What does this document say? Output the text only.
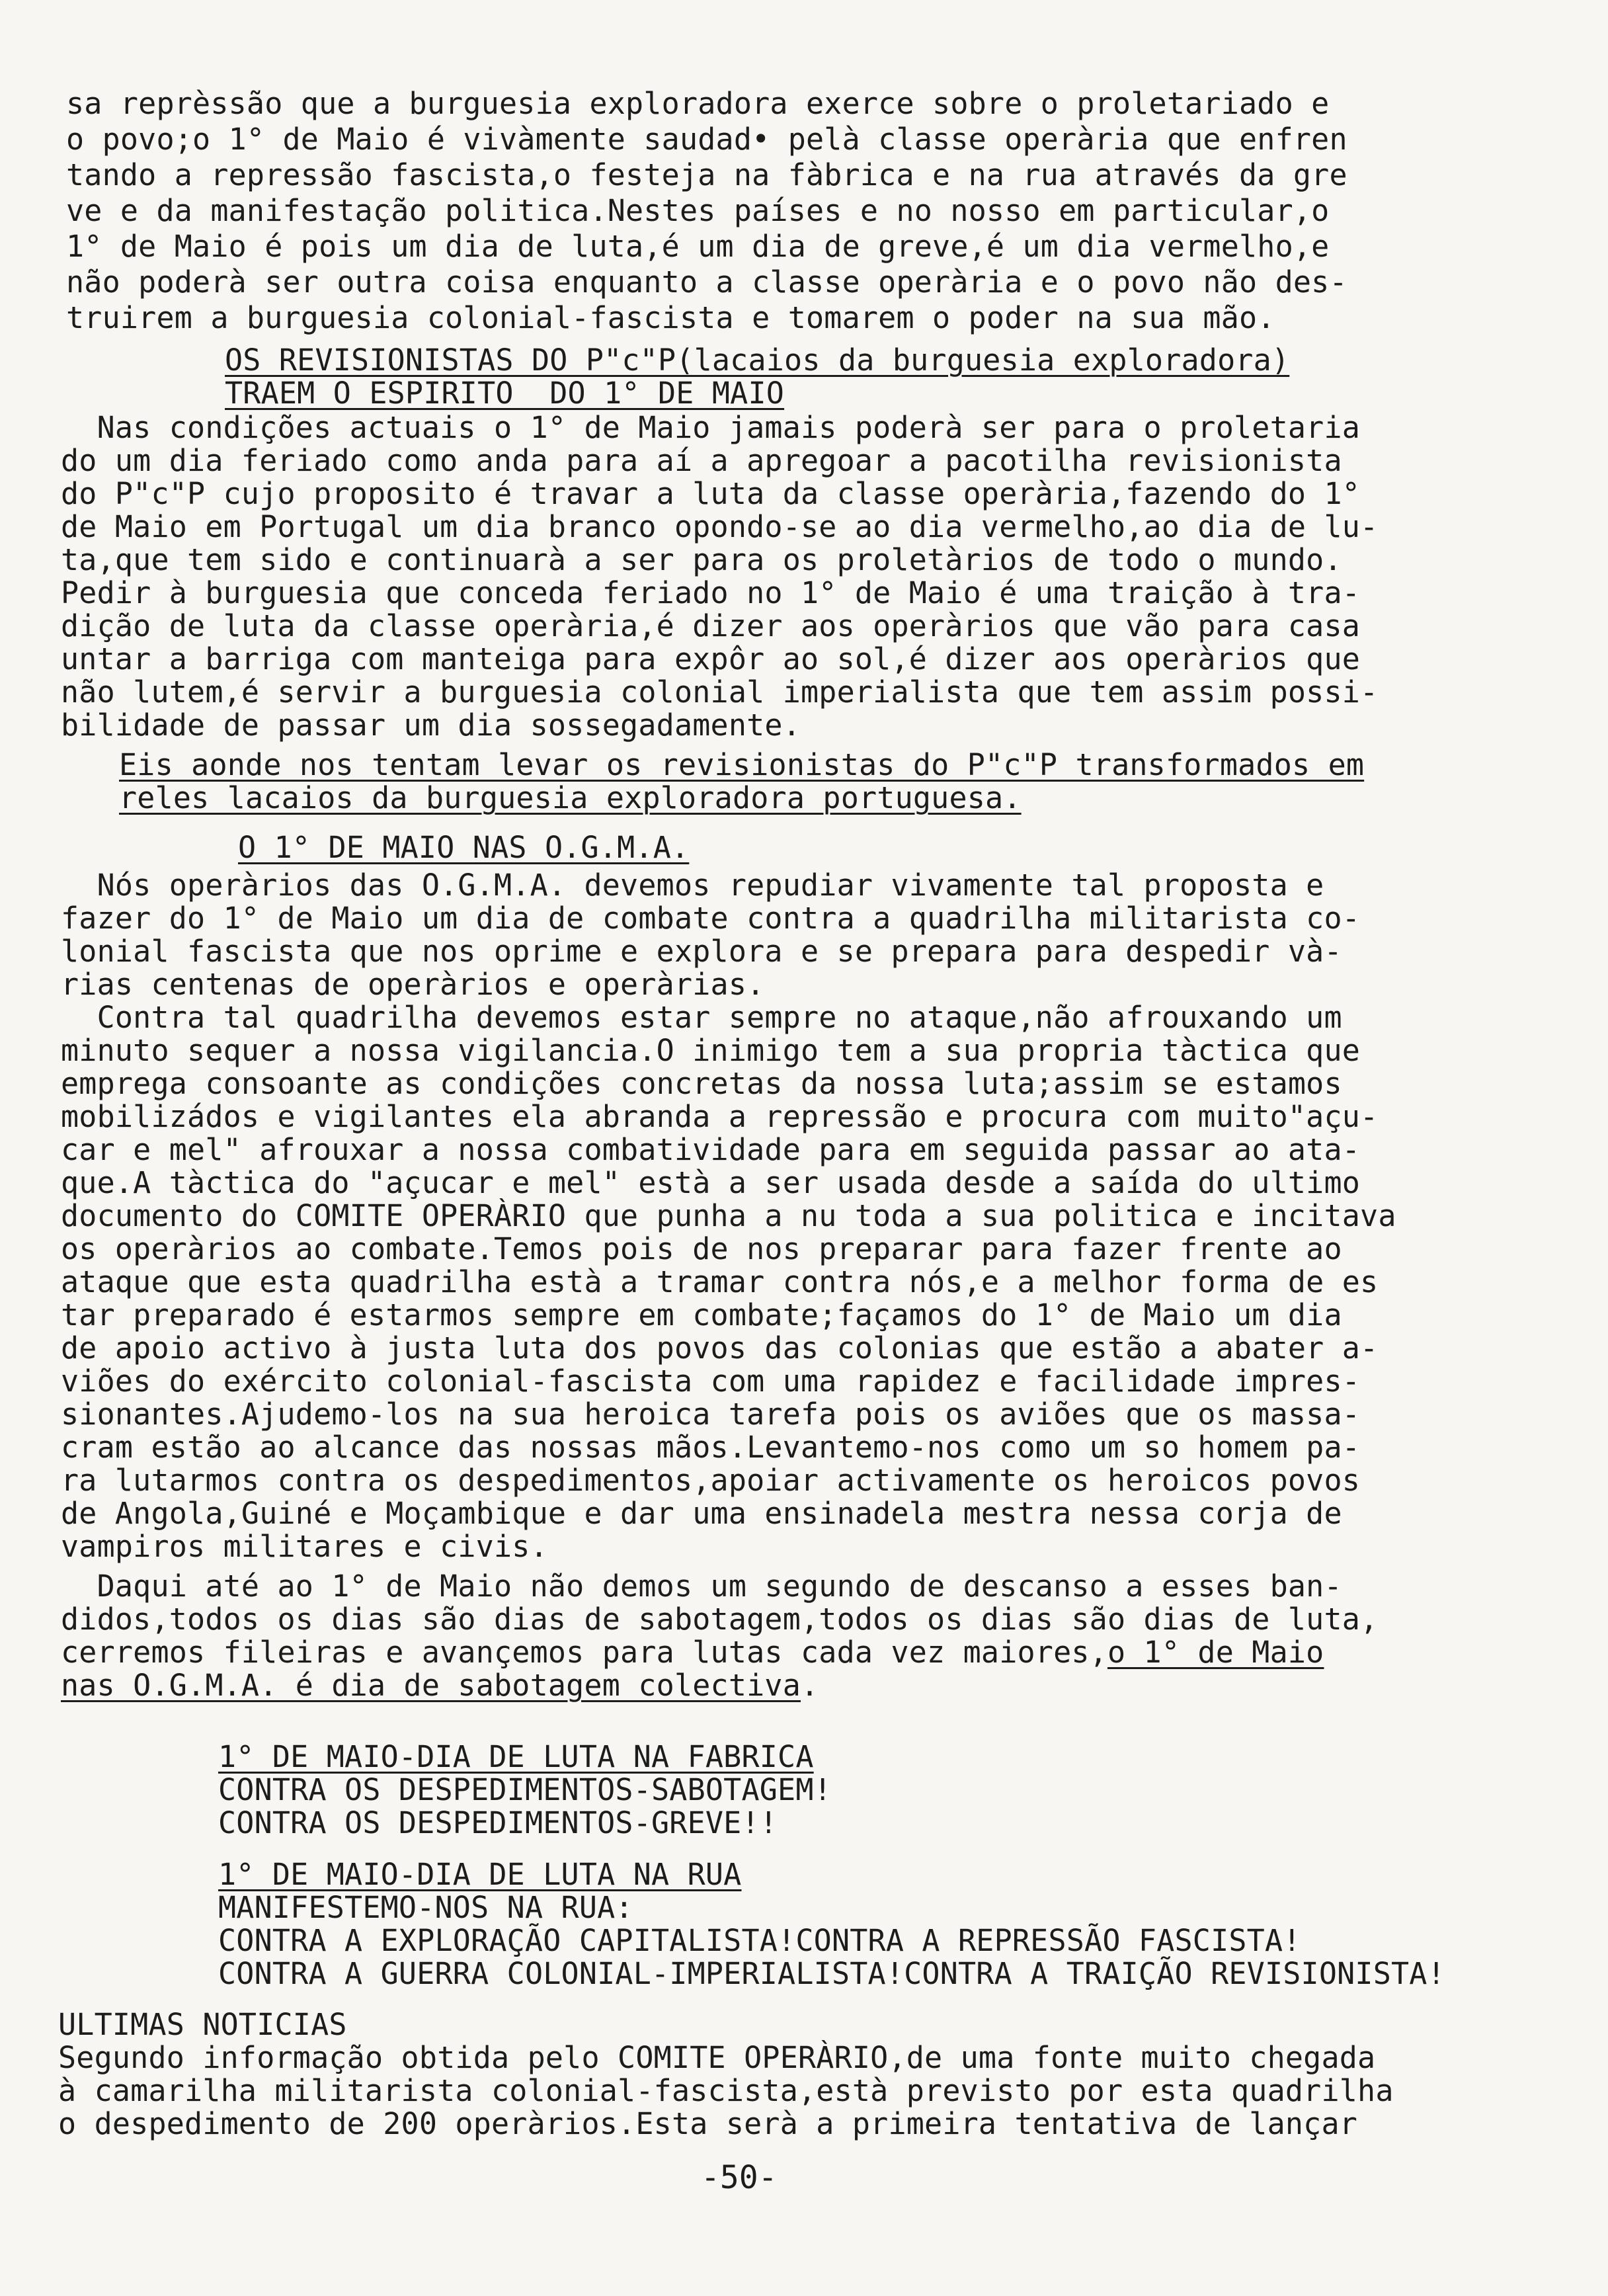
sa reprèssão que a burguesia exploradora exerce sobre o proletariado e
o povo;o 1° de Maio é vivàmente saudad• pelà classe operària que enfren
tando a repressão fascista,o festeja na fàbrica e na rua através da gre
ve e da manifestação politica.Nestes países e no nosso em particular,o
1° de Maio é pois um dia de luta,é um dia de greve,é um dia vermelho,e
não poderà ser outra coisa enquanto a classe operària e o povo não des-
truirem a burguesia colonial-fascista e tomarem o poder na sua mão.
OS REVISIONISTAS DO P"c"P(lacaios da burguesia exploradora)
TRAEM O ESPIRITO  DO 1° DE MAIO
Nas condições actuais o 1° de Maio jamais poderà ser para o proletaria
do um dia feriado como anda para aí a apregoar a pacotilha revisionista
do P"c"P cujo proposito é travar a luta da classe operària,fazendo do 1°
de Maio em Portugal um dia branco opondo-se ao dia vermelho,ao dia de lu-
ta,que tem sido e continuarà a ser para os proletàrios de todo o mundo.
Pedir à burguesia que conceda feriado no 1° de Maio é uma traição à tra-
dição de luta da classe operària,é dizer aos operàrios que vão para casa
untar a barriga com manteiga para expôr ao sol,é dizer aos operàrios que
não lutem,é servir a burguesia colonial imperialista que tem assim possi-
bilidade de passar um dia sossegadamente.
Eis aonde nos tentam levar os revisionistas do P"c"P transformados em
reles lacaios da burguesia exploradora portuguesa.
O 1° DE MAIO NAS O.G.M.A.
Nós operàrios das O.G.M.A. devemos repudiar vivamente tal proposta e
fazer do 1° de Maio um dia de combate contra a quadrilha militarista co-
lonial fascista que nos oprime e explora e se prepara para despedir và-
rias centenas de operàrios e operàrias.
Contra tal quadrilha devemos estar sempre no ataque,não afrouxando um
minuto sequer a nossa vigilancia.O inimigo tem a sua propria tàctica que
emprega consoante as condições concretas da nossa luta;assim se estamos
mobilizádos e vigilantes ela abranda a repressão e procura com muito"açu-
car e mel" afrouxar a nossa combatividade para em seguida passar ao ata-
que.A tàctica do "açucar e mel" està a ser usada desde a saída do ultimo
documento do COMITE OPERÀRIO que punha a nu toda a sua politica e incitava
os operàrios ao combate.Temos pois de nos preparar para fazer frente ao
ataque que esta quadrilha està a tramar contra nós,e a melhor forma de es
tar preparado é estarmos sempre em combate;façamos do 1° de Maio um dia
de apoio activo à justa luta dos povos das colonias que estão a abater a-
viões do exército colonial-fascista com uma rapidez e facilidade impres-
sionantes.Ajudemo-los na sua heroica tarefa pois os aviões que os massa-
cram estão ao alcance das nossas mãos.Levantemo-nos como um so homem pa-
ra lutarmos contra os despedimentos,apoiar activamente os heroicos povos
de Angola,Guiné e Moçambique e dar uma ensinadela mestra nessa corja de
vampiros militares e civis.
Daqui até ao 1° de Maio não demos um segundo de descanso a esses ban-
didos,todos os dias são dias de sabotagem,todos os dias são dias de luta,
cerremos fileiras e avançemos para lutas cada vez maiores,o 1° de Maio
nas O.G.M.A. é dia de sabotagem colectiva.
1° DE MAIO-DIA DE LUTA NA FABRICA
CONTRA OS DESPEDIMENTOS-SABOTAGEM!
CONTRA OS DESPEDIMENTOS-GREVE!!
1° DE MAIO-DIA DE LUTA NA RUA
MANIFESTEMO-NOS NA RUA:
CONTRA A EXPLORAÇÃO CAPITALISTA!CONTRA A REPRESSÃO FASCISTA!
CONTRA A GUERRA COLONIAL-IMPERIALISTA!CONTRA A TRAIÇÃO REVISIONISTA!
ULTIMAS NOTICIAS
Segundo informação obtida pelo COMITE OPERÀRIO,de uma fonte muito chegada
à camarilha militarista colonial-fascista,està previsto por esta quadrilha
o despedimento de 200 operàrios.Esta serà a primeira tentativa de lançar
-50-
